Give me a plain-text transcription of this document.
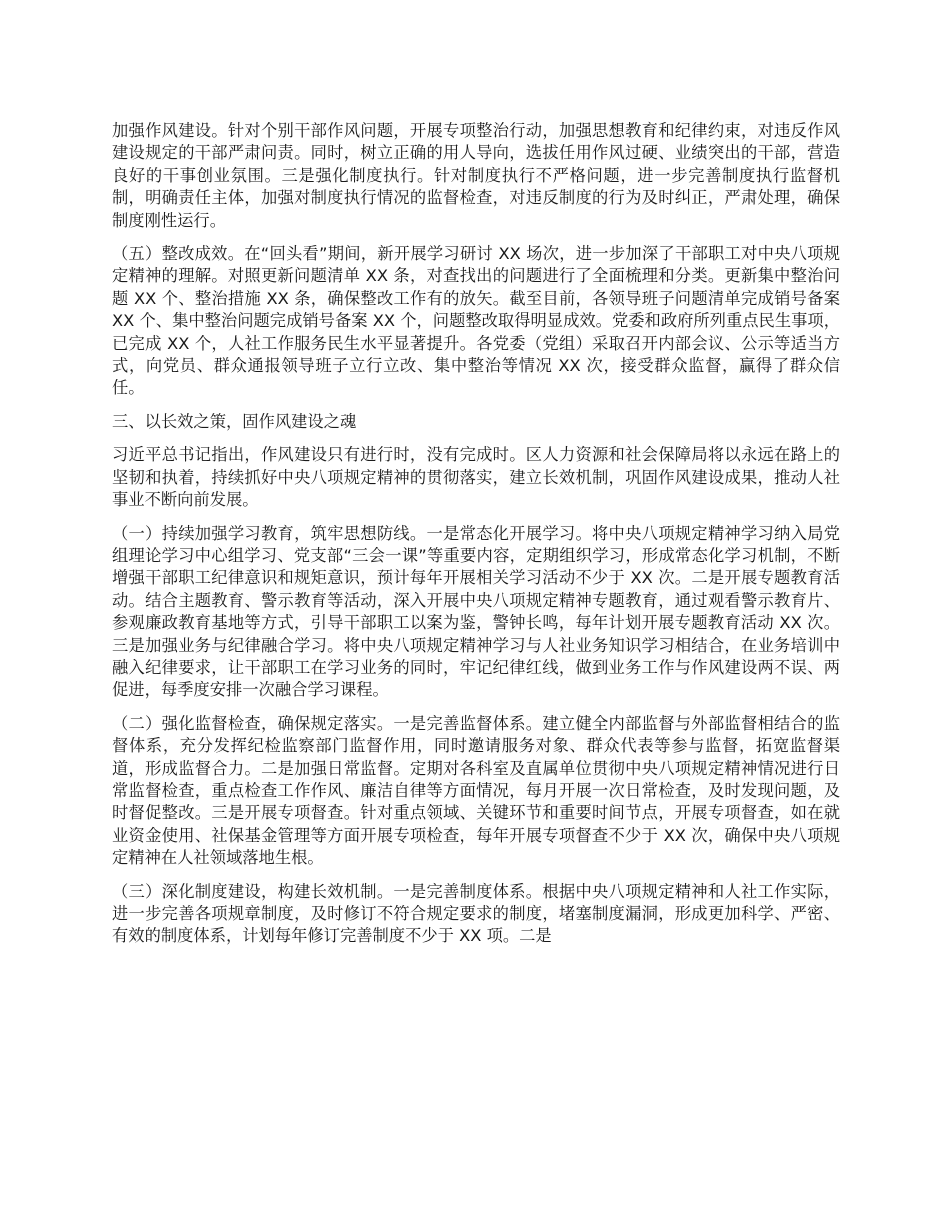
加强作风建设。针对个别干部作风问题，开展专项整治行动，加强思想教育和纪律约束，对违反作风建设规定的干部严肃问责。同时，树立正确的用人导向，选拔任用作风过硬、业绩突出的干部，营造良好的干事创业氛围。三是强化制度执行。针对制度执行不严格问题，进一步完善制度执行监督机制，明确责任主体，加强对制度执行情况的监督检查，对违反制度的行为及时纠正，严肃处理，确保制度刚性运行。

（五）整改成效。在“回头看”期间，新开展学习研讨 XX 场次，进一步加深了干部职工对中央八项规定精神的理解。对照更新问题清单 XX 条，对查找出的问题进行了全面梳理和分类。更新集中整治问题 XX 个、整治措施 XX 条，确保整改工作有的放矢。截至目前，各领导班子问题清单完成销号备案 XX 个、集中整治问题完成销号备案 XX 个，问题整改取得明显成效。党委和政府所列重点民生事项，已完成 XX 个，人社工作服务民生水平显著提升。各党委（党组）采取召开内部会议、公示等适当方式，向党员、群众通报领导班子立行立改、集中整治等情况 XX 次，接受群众监督，赢得了群众信任。

三、以长效之策，固作风建设之魂

习近平总书记指出，作风建设只有进行时，没有完成时。区人力资源和社会保障局将以永远在路上的坚韧和执着，持续抓好中央八项规定精神的贯彻落实，建立长效机制，巩固作风建设成果，推动人社事业不断向前发展。

（一）持续加强学习教育，筑牢思想防线。一是常态化开展学习。将中央八项规定精神学习纳入局党组理论学习中心组学习、党支部“三会一课”等重要内容，定期组织学习，形成常态化学习机制，不断增强干部职工纪律意识和规矩意识，预计每年开展相关学习活动不少于 XX 次。二是开展专题教育活动。结合主题教育、警示教育等活动，深入开展中央八项规定精神专题教育，通过观看警示教育片、参观廉政教育基地等方式，引导干部职工以案为鉴，警钟长鸣，每年计划开展专题教育活动 XX 次。三是加强业务与纪律融合学习。将中央八项规定精神学习与人社业务知识学习相结合，在业务培训中融入纪律要求，让干部职工在学习业务的同时，牢记纪律红线，做到业务工作与作风建设两不误、两促进，每季度安排一次融合学习课程。

（二）强化监督检查，确保规定落实。一是完善监督体系。建立健全内部监督与外部监督相结合的监督体系，充分发挥纪检监察部门监督作用，同时邀请服务对象、群众代表等参与监督，拓宽监督渠道，形成监督合力。二是加强日常监督。定期对各科室及直属单位贯彻中央八项规定精神情况进行日常监督检查，重点检查工作作风、廉洁自律等方面情况，每月开展一次日常检查，及时发现问题，及时督促整改。三是开展专项督查。针对重点领域、关键环节和重要时间节点，开展专项督查，如在就业资金使用、社保基金管理等方面开展专项检查，每年开展专项督查不少于 XX 次，确保中央八项规定精神在人社领域落地生根。

（三）深化制度建设，构建长效机制。一是完善制度体系。根据中央八项规定精神和人社工作实际，进一步完善各项规章制度，及时修订不符合规定要求的制度，堵塞制度漏洞，形成更加科学、严密、有效的制度体系，计划每年修订完善制度不少于 XX 项。二是
